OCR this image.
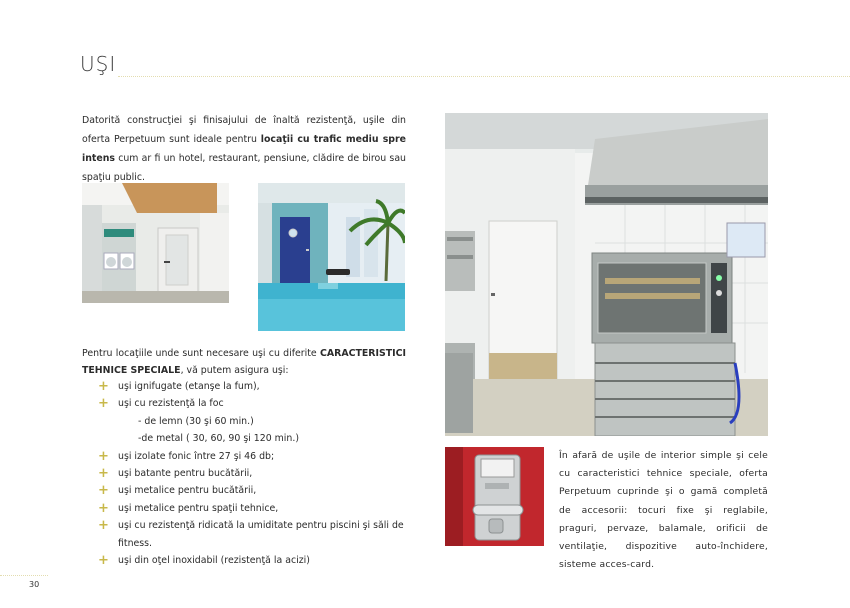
UŞI
Datorită construcţiei şi finisajului de înaltă rezistenţă, uşile din oferta Perpetuum sunt ideale pentru locaţii cu trafic mediu spre intens cum ar fi un hotel, restaurant, pensiune, clădire de birou sau spaţiu public.
Pentru locaţiile unde sunt necesare uşi cu diferite CARACTERISTICI TEHNICE SPECIALE, vă putem asigura uşi:
+ uşi ignifugate (etanşe la fum),
+ uşi cu rezistenţă la foc
- de lemn (30 şi 60 min.)
-de metal ( 30, 60, 90 şi 120 min.)
+ uşi izolate fonic între 27 şi 46 db;
+ uşi batante pentru bucătării,
+ uşi metalice pentru bucătării,
+ uşi metalice pentru spaţii tehnice,
+ uşi cu rezistenţă ridicată la umiditate pentru piscini şi săli de fitness.
+ uşi din oţel inoxidabil (rezistenţă la acizi)
În afară de uşile de interior simple şi cele cu caracteristici tehnice speciale, oferta Perpetuum cuprinde şi o gamă completă de accesorii: tocuri fixe şi reglabile, praguri, pervaze, balamale, orificii de ventilaţie, dispozitive auto-închidere, sisteme acces-card.
30
